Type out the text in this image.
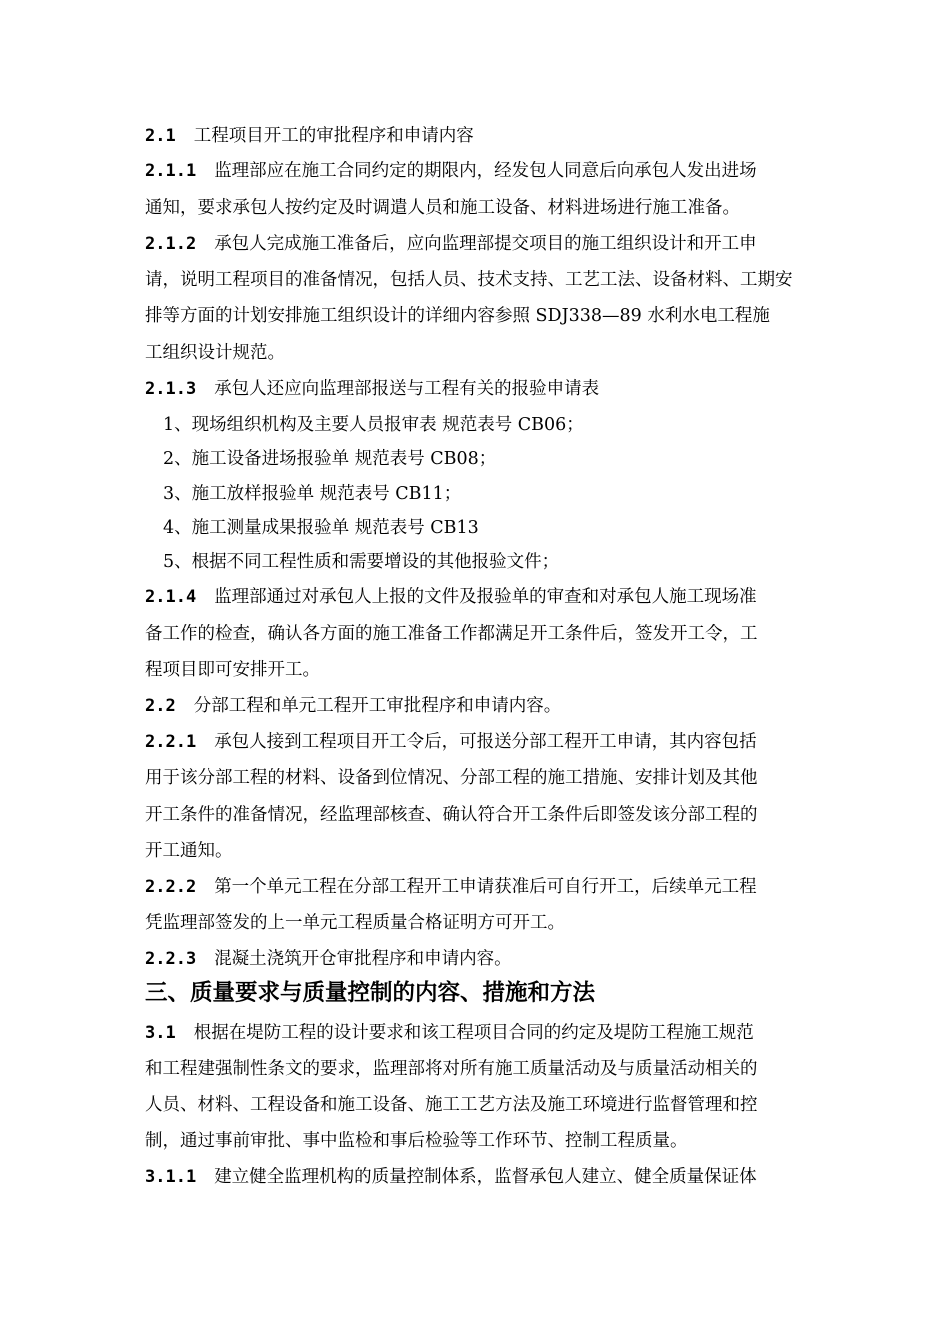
2.1 工程项目开工的审批程序和申请内容
2.1.1 监理部应在施工合同约定的期限内，经发包人同意后向承包人发出进场
通知，要求承包人按约定及时调遣人员和施工设备、材料进场进行施工准备。
2.1.2 承包人完成施工准备后，应向监理部提交项目的施工组织设计和开工申
请，说明工程项目的准备情况，包括人员、技术支持、工艺工法、设备材料、工期安
排等方面的计划安排施工组织设计的详细内容参照 SDJ338—89 水利水电工程施
工组织设计规范。
2.1.3 承包人还应向监理部报送与工程有关的报验申请表
1、现场组织机构及主要人员报审表 规范表号 CB06；
2、施工设备进场报验单 规范表号 CB08；
3、施工放样报验单 规范表号 CB11；
4、施工测量成果报验单 规范表号 CB13
5、根据不同工程性质和需要增设的其他报验文件；
2.1.4 监理部通过对承包人上报的文件及报验单的审查和对承包人施工现场准
备工作的检查，确认各方面的施工准备工作都满足开工条件后，签发开工令，工
程项目即可安排开工。
2.2 分部工程和单元工程开工审批程序和申请内容。
2.2.1 承包人接到工程项目开工令后，可报送分部工程开工申请，其内容包括
用于该分部工程的材料、设备到位情况、分部工程的施工措施、安排计划及其他
开工条件的准备情况，经监理部核查、确认符合开工条件后即签发该分部工程的
开工通知。
2.2.2 第一个单元工程在分部工程开工申请获准后可自行开工，后续单元工程
凭监理部签发的上一单元工程质量合格证明方可开工。
2.2.3 混凝土浇筑开仓审批程序和申请内容。
三、质量要求与质量控制的内容、措施和方法
3.1 根据在堤防工程的设计要求和该工程项目合同的约定及堤防工程施工规范
和工程建强制性条文的要求，监理部将对所有施工质量活动及与质量活动相关的
人员、材料、工程设备和施工设备、施工工艺方法及施工环境进行监督管理和控
制，通过事前审批、事中监检和事后检验等工作环节、控制工程质量。
3.1.1 建立健全监理机构的质量控制体系，监督承包人建立、健全质量保证体
